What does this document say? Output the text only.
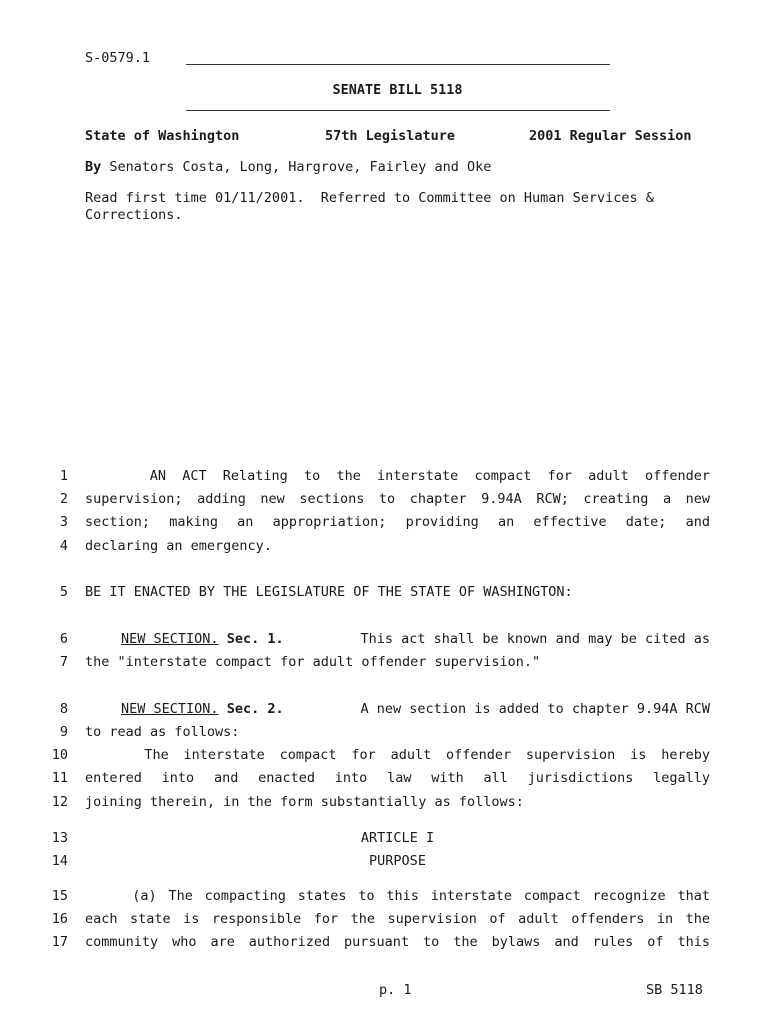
S-0579.1
SENATE BILL 5118
State of Washington	57th Legislature	2001 Regular Session
By Senators Costa, Long, Hargrove, Fairley and Oke
Read first time 01/11/2001.  Referred to Committee on Human Services &
Corrections.
1 AN ACT Relating to the interstate compact for adult offender
2 supervision; adding new sections to chapter 9.94A RCW; creating a new
3 section; making an appropriation; providing an effective date; and
4 declaring an emergency.
5 BE IT ENACTED BY THE LEGISLATURE OF THE STATE OF WASHINGTON:
6	NEW SECTION. Sec. 1.	This act shall be known and may be cited as
7 the "interstate compact for adult offender supervision."
8	NEW SECTION. Sec. 2.	A new section is added to chapter 9.94A RCW
9 to read as follows:
10 The interstate compact for adult offender supervision is hereby
11 entered into and enacted into law with all jurisdictions legally
12 joining therein, in the form substantially as follows:
13	ARTICLE I
14	PURPOSE
15 (a) The compacting states to this interstate compact recognize that
16 each state is responsible for the supervision of adult offenders in the
17 community who are authorized pursuant to the bylaws and rules of this
p. 1	SB 5118
